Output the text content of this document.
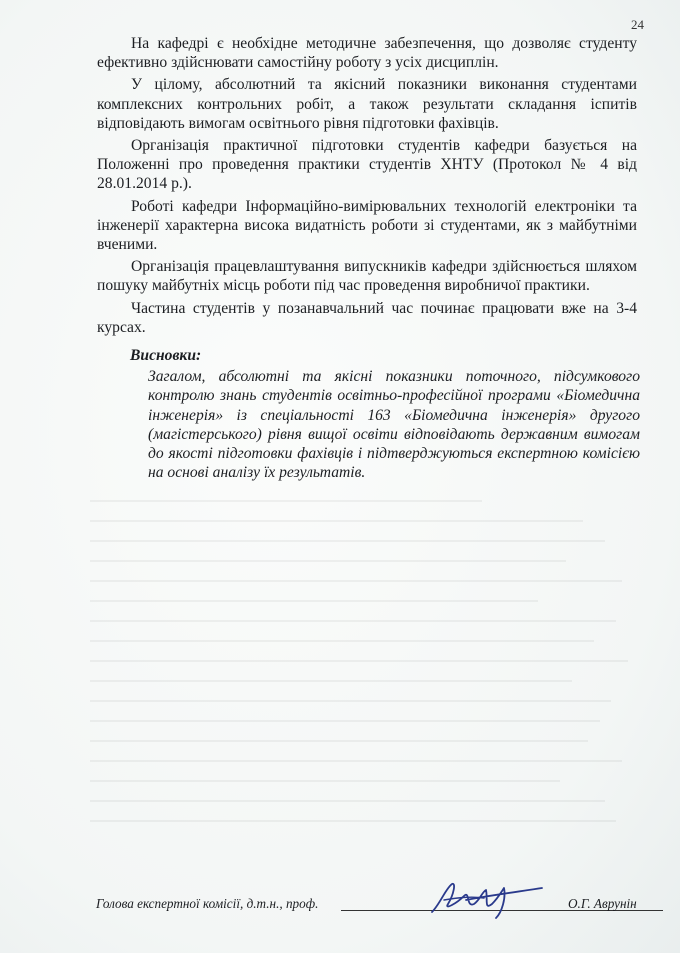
24

На кафедрі є необхідне методичне забезпечення, що дозволяє студенту ефективно здійснювати самостійну роботу з усіх дисциплін.

У цілому, абсолютний та якісний показники виконання студентами комплексних контрольних робіт, а також результати складання іспитів відповідають вимогам освітнього рівня підготовки фахівців.

Організація практичної підготовки студентів кафедри базується на Положенні про проведення практики студентів ХНТУ (Протокол № 4 від 28.01.2014 р.).

Роботі кафедри Інформаційно-вимірювальних технологій електроніки та інженерії характерна висока видатність роботи зі студентами, як з майбутніми вченими.

Організація працевлаштування випускників кафедри здійснюється шляхом пошуку майбутніх місць роботи під час проведення виробничої практики.

Частина студентів у позанавчальний час починає працювати вже на 3-4 курсах.

Висновки:
Загалом, абсолютні та якісні показники поточного, підсумкового контролю знань студентів освітньо-професійної програми «Біомедична інженерія» із спеціальності 163 «Біомедична інженерія» другого (магістерського) рівня вищої освіти відповідають державним вимогам до якості підготовки фахівців і підтверджуються експертною комісією на основі аналізу їх результатів.
Голова експертної комісії, д.т.н., проф.	О.Г. Аврунін
